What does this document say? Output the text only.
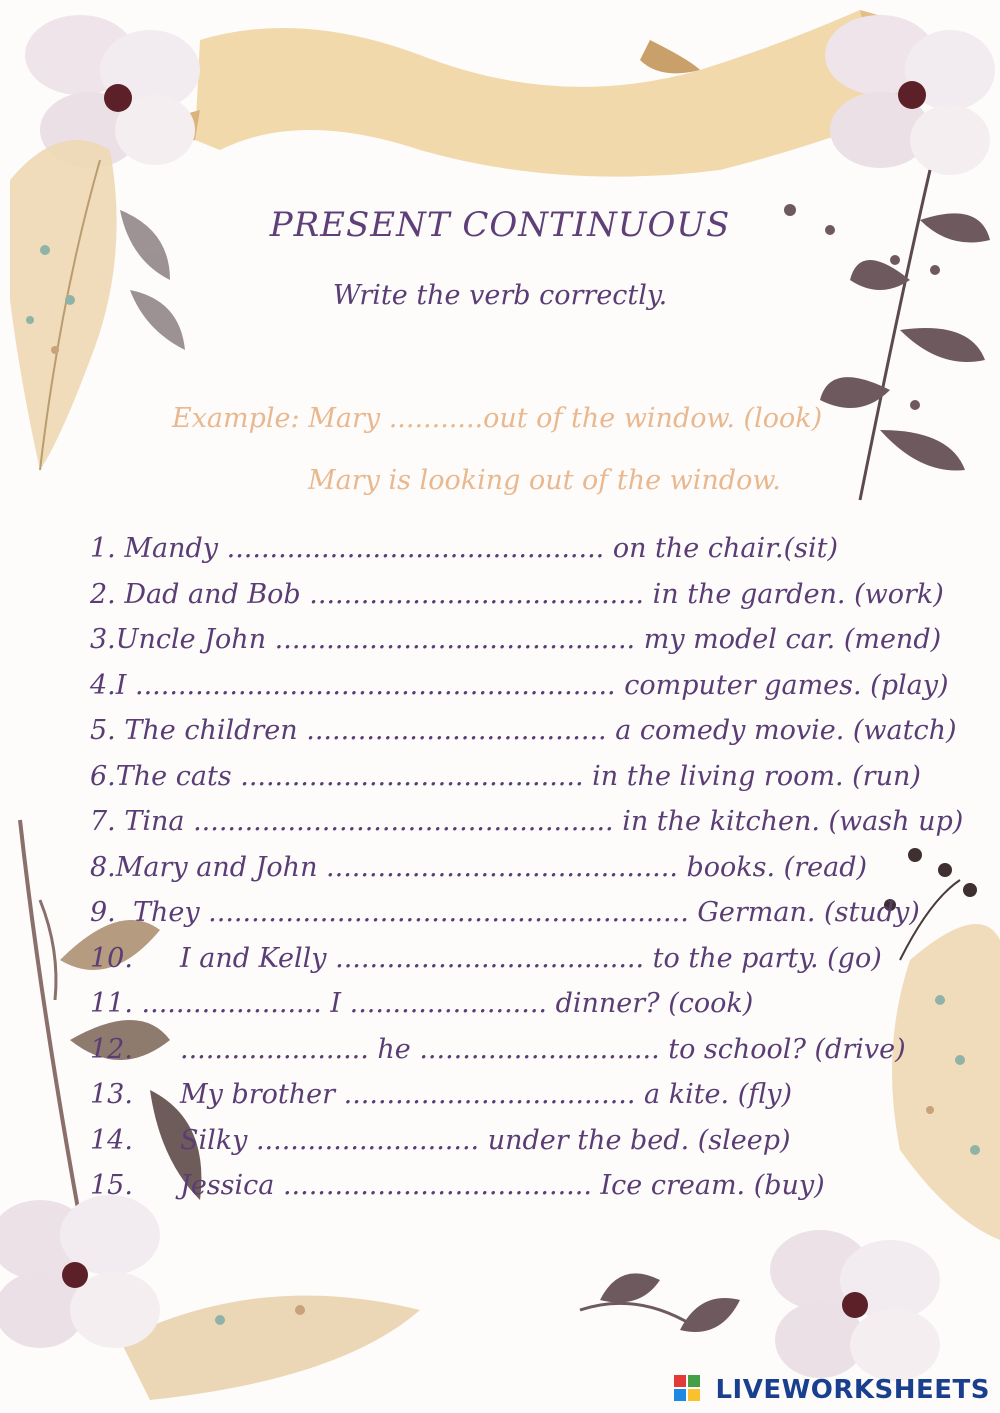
PRESENT CONTINUOUS
Write the verb correctly.
Example: Mary ...........out of the window. (look)
Mary is looking out of the window.
1. Mandy ............................................ on the chair.(sit)
2. Dad and Bob ....................................... in the garden. (work)
3.Uncle John .......................................... my model car. (mend)
4.I ........................................................ computer games. (play)
5. The children ................................... a comedy movie. (watch)
6.The cats ........................................ in the living room. (run)
7. Tina ................................................. in the kitchen. (wash up)
8.Mary and John ......................................... books. (read)
9. They ........................................................ German. (study)
10. I and Kelly .................................... to the party. (go)
11. ..................... I ....................... dinner? (cook)
12. ...................... he ............................ to school? (drive)
13. My brother .................................. a kite. (fly)
14. Silky .......................... under the bed. (sleep)
15. Jessica .................................... Ice cream. (buy)
LIVEWORKSHEETS
